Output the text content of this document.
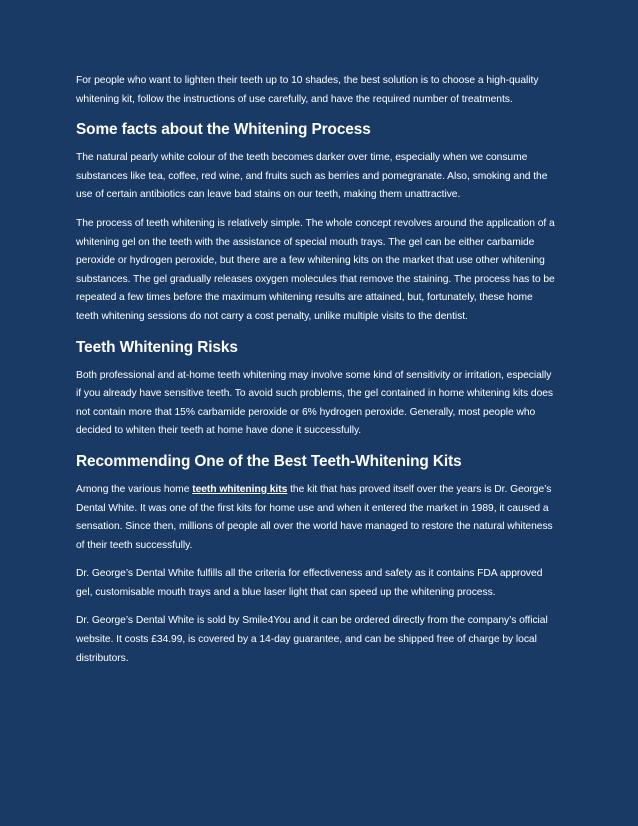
For people who want to lighten their teeth up to 10 shades, the best solution is to choose a high-quality whitening kit, follow the instructions of use carefully, and have the required number of treatments.

Some facts about the Whitening Process

The natural pearly white colour of the teeth becomes darker over time, especially when we consume substances like tea, coffee, red wine, and fruits such as berries and pomegranate. Also, smoking and the use of certain antibiotics can leave bad stains on our teeth, making them unattractive.

The process of teeth whitening is relatively simple. The whole concept revolves around the application of a whitening gel on the teeth with the assistance of special mouth trays. The gel can be either carbamide peroxide or hydrogen peroxide, but there are a few whitening kits on the market that use other whitening substances. The gel gradually releases oxygen molecules that remove the staining. The process has to be repeated a few times before the maximum whitening results are attained, but, fortunately, these home teeth whitening sessions do not carry a cost penalty, unlike multiple visits to the dentist.

Teeth Whitening Risks

Both professional and at-home teeth whitening may involve some kind of sensitivity or irritation, especially if you already have sensitive teeth. To avoid such problems, the gel contained in home whitening kits does not contain more that 15% carbamide peroxide or 6% hydrogen peroxide. Generally, most people who decided to whiten their teeth at home have done it successfully.

Recommending One of the Best Teeth-Whitening Kits

Among the various home teeth whitening kits the kit that has proved itself over the years is Dr. George’s Dental White. It was one of the first kits for home use and when it entered the market in 1989, it caused a sensation. Since then, millions of people all over the world have managed to restore the natural whiteness of their teeth successfully.

Dr. George’s Dental White fulfills all the criteria for effectiveness and safety as it contains FDA approved gel, customisable mouth trays and a blue laser light that can speed up the whitening process.

Dr. George’s Dental White is sold by Smile4You and it can be ordered directly from the company’s official website. It costs £34.99, is covered by a 14-day guarantee, and can be shipped free of charge by local distributors.
